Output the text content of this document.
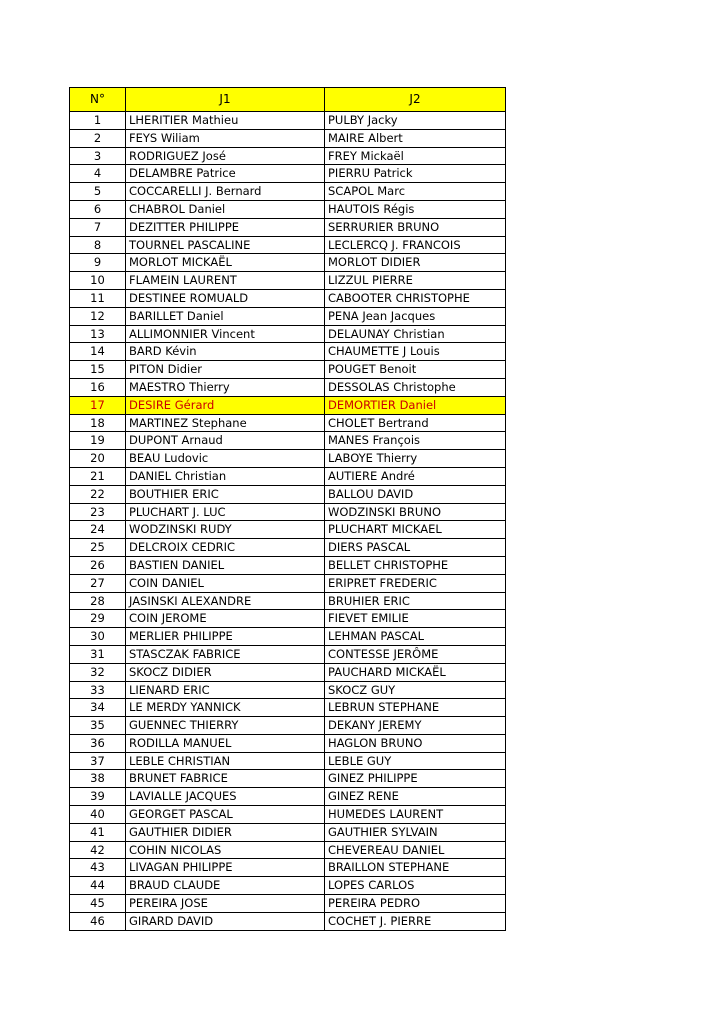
N°	J1	J2
1	LHERITIER Mathieu	PULBY Jacky
2	FEYS Wiliam	MAIRE Albert
3	RODRIGUEZ José	FREY Mickaël
4	DELAMBRE Patrice	PIERRU Patrick
5	COCCARELLI J. Bernard	SCAPOL Marc
6	CHABROL Daniel	HAUTOIS Régis
7	DEZITTER PHILIPPE	SERRURIER BRUNO
8	TOURNEL PASCALINE	LECLERCQ J. FRANCOIS
9	MORLOT MICKAËL	MORLOT DIDIER
10	FLAMEIN LAURENT	LIZZUL PIERRE
11	DESTINEE ROMUALD	CABOOTER CHRISTOPHE
12	BARILLET Daniel	PENA Jean Jacques
13	ALLIMONNIER Vincent	DELAUNAY Christian
14	BARD Kévin	CHAUMETTE J Louis
15	PITON Didier	POUGET Benoit
16	MAESTRO Thierry	DESSOLAS Christophe
17	DESIRE Gérard	DEMORTIER Daniel
18	MARTINEZ Stephane	CHOLET Bertrand
19	DUPONT Arnaud	MANES François
20	BEAU Ludovic	LABOYE Thierry
21	DANIEL Christian	AUTIERE André
22	BOUTHIER ERIC	BALLOU DAVID
23	PLUCHART J. LUC	WODZINSKI BRUNO
24	WODZINSKI RUDY	PLUCHART MICKAEL
25	DELCROIX CEDRIC	DIERS PASCAL
26	BASTIEN DANIEL	BELLET CHRISTOPHE
27	COIN DANIEL	ERIPRET FREDERIC
28	JASINSKI ALEXANDRE	BRUHIER ERIC
29	COIN JEROME	FIEVET EMILIE
30	MERLIER PHILIPPE	LEHMAN PASCAL
31	STASCZAK FABRICE	CONTESSE JERÔME
32	SKOCZ DIDIER	PAUCHARD MICKAËL
33	LIENARD ERIC	SKOCZ GUY
34	LE MERDY YANNICK	LEBRUN STEPHANE
35	GUENNEC THIERRY	DEKANY JEREMY
36	RODILLA MANUEL	HAGLON BRUNO
37	LEBLE CHRISTIAN	LEBLE GUY
38	BRUNET FABRICE	GINEZ PHILIPPE
39	LAVIALLE JACQUES	GINEZ RENE
40	GEORGET PASCAL	HUMEDES LAURENT
41	GAUTHIER DIDIER	GAUTHIER SYLVAIN
42	COHIN NICOLAS	CHEVEREAU DANIEL
43	LIVAGAN PHILIPPE	BRAILLON STEPHANE
44	BRAUD CLAUDE	LOPES CARLOS
45	PEREIRA JOSE	PEREIRA PEDRO
46	GIRARD DAVID	COCHET J. PIERRE
